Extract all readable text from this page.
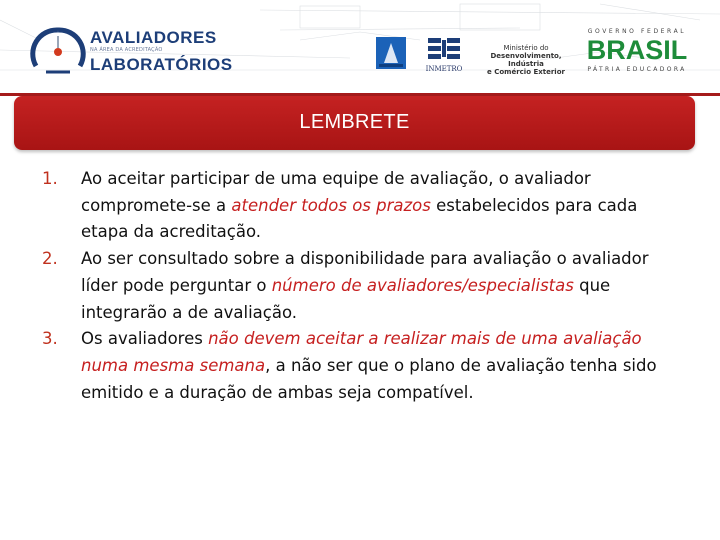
AVALIADORES
NA ÁREA DA ACREDITAÇÃO
LABORATÓRIOS	INMETRO
Ministério do
Desenvolvimento, Indústria
e Comércio Exterior
GOVERNO FEDERAL
BRASIL
PÁTRIA EDUCADORA
LEMBRETE
1. Ao aceitar participar de uma equipe de avaliação, o avaliador compromete-se a atender todos os prazos estabelecidos para cada etapa da acreditação.
2. Ao ser consultado sobre a disponibilidade para avaliação o avaliador líder pode perguntar o número de avaliadores/especialistas que integrarão a de avaliação.
3. Os avaliadores não devem aceitar a realizar mais de uma avaliação numa mesma semana, a não ser que o plano de avaliação tenha sido emitido e a duração de ambas seja compatível.
